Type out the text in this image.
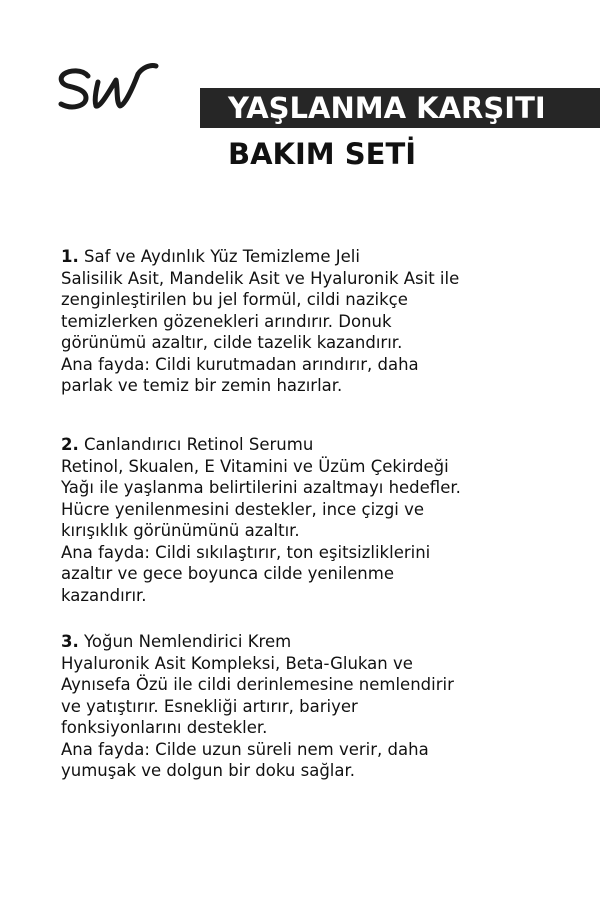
YAŞLANMA KARŞITI
BAKIM SETİ

1. Saf ve Aydınlık Yüz Temizleme Jeli

Salisilik Asit, Mandelik Asit ve Hyaluronik Asit ile

zenginleştirilen bu jel formül, cildi nazikçe

temizlerken gözenekleri arındırır. Donuk

görünümü azaltır, cilde tazelik kazandırır.

Ana fayda: Cildi kurutmadan arındırır, daha

parlak ve temiz bir zemin hazırlar.

2. Canlandırıcı Retinol Serumu

Retinol, Skualen, E Vitamini ve Üzüm Çekirdeği

Yağı ile yaşlanma belirtilerini azaltmayı hedefler.

Hücre yenilenmesini destekler, ince çizgi ve

kırışıklık görünümünü azaltır.

Ana fayda: Cildi sıkılaştırır, ton eşitsizliklerini

azaltır ve gece boyunca cilde yenilenme

kazandırır.

3. Yoğun Nemlendirici Krem

Hyaluronik Asit Kompleksi, Beta-Glukan ve

Aynısefa Özü ile cildi derinlemesine nemlendirir

ve yatıştırır. Esnekliği artırır, bariyer

fonksiyonlarını destekler.

Ana fayda: Cilde uzun süreli nem verir, daha

yumuşak ve dolgun bir doku sağlar.
